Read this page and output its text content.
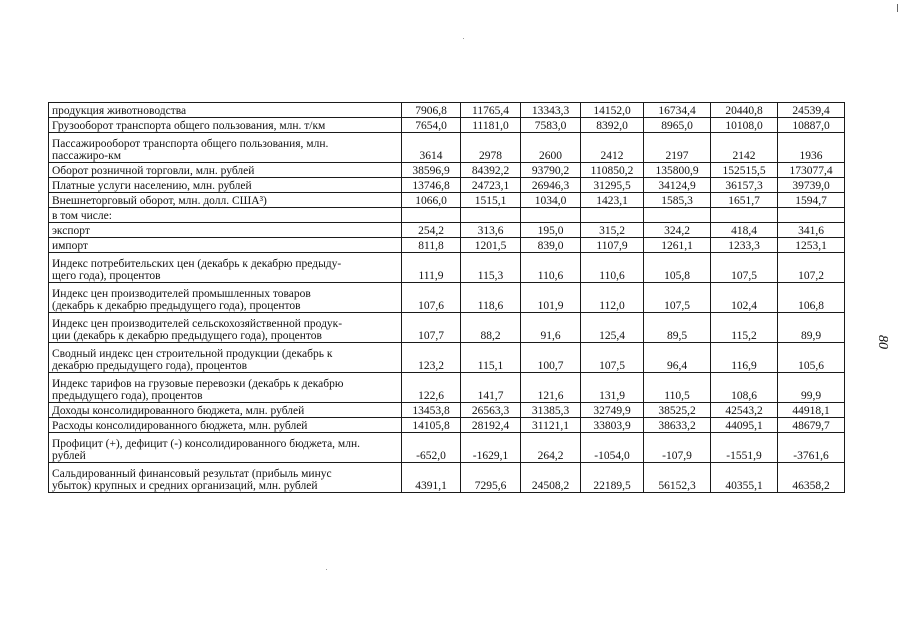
продукция животноводства	7906,8	11765,4	13343,3	14152,0	16734,4	20440,8	24539,4

Грузооборот транспорта общего пользования, млн. т/км	7654,0	11181,0	7583,0	8392,0	8965,0	10108,0	10887,0

Пассажирооборот транспорта общего пользования, млн.
пассажиро-км	3614	2978	2600	2412	2197	2142	1936

Оборот розничной торговли, млн. рублей	38596,9	84392,2	93790,2	110850,2	135800,9	152515,5	173077,4

Платные услуги населению, млн. рублей	13746,8	24723,1	26946,3	31295,5	34124,9	36157,3	39739,0

Внешнеторговый оборот, млн. долл. США³)	1066,0	1515,1	1034,0	1423,1	1585,3	1651,7	1594,7

в том числе:							

экспорт	254,2	313,6	195,0	315,2	324,2	418,4	341,6

импорт	811,8	1201,5	839,0	1107,9	1261,1	1233,3	1253,1

Индекс потребительских цен (декабрь к декабрю предыду-
щего года), процентов	111,9	115,3	110,6	110,6	105,8	107,5	107,2

Индекс цен производителей промышленных товаров
(декабрь к декабрю предыдущего года), процентов	107,6	118,6	101,9	112,0	107,5	102,4	106,8

Индекс цен производителей сельскохозяйственной продук-
ции (декабрь к декабрю предыдущего года), процентов	107,7	88,2	91,6	125,4	89,5	115,2	89,9

Сводный индекс цен строительной продукции (декабрь к
декабрю предыдущего года), процентов	123,2	115,1	100,7	107,5	96,4	116,9	105,6

Индекс тарифов на грузовые перевозки (декабрь к декабрю
предыдущего года), процентов	122,6	141,7	121,6	131,9	110,5	108,6	99,9

Доходы консолидированного бюджета, млн. рублей	13453,8	26563,3	31385,3	32749,9	38525,2	42543,2	44918,1

Расходы консолидированного бюджета, млн. рублей	14105,8	28192,4	31121,1	33803,9	38633,2	44095,1	48679,7

Профицит (+), дефицит (-) консолидированного бюджета, млн.
рублей	-652,0	-1629,1	264,2	-1054,0	-107,9	-1551,9	-3761,6

Сальдированный финансовый результат (прибыль минус
убыток) крупных и средних организаций, млн. рублей	4391,1	7295,6	24508,2	22189,5	56152,3	40355,1	46358,2
80
